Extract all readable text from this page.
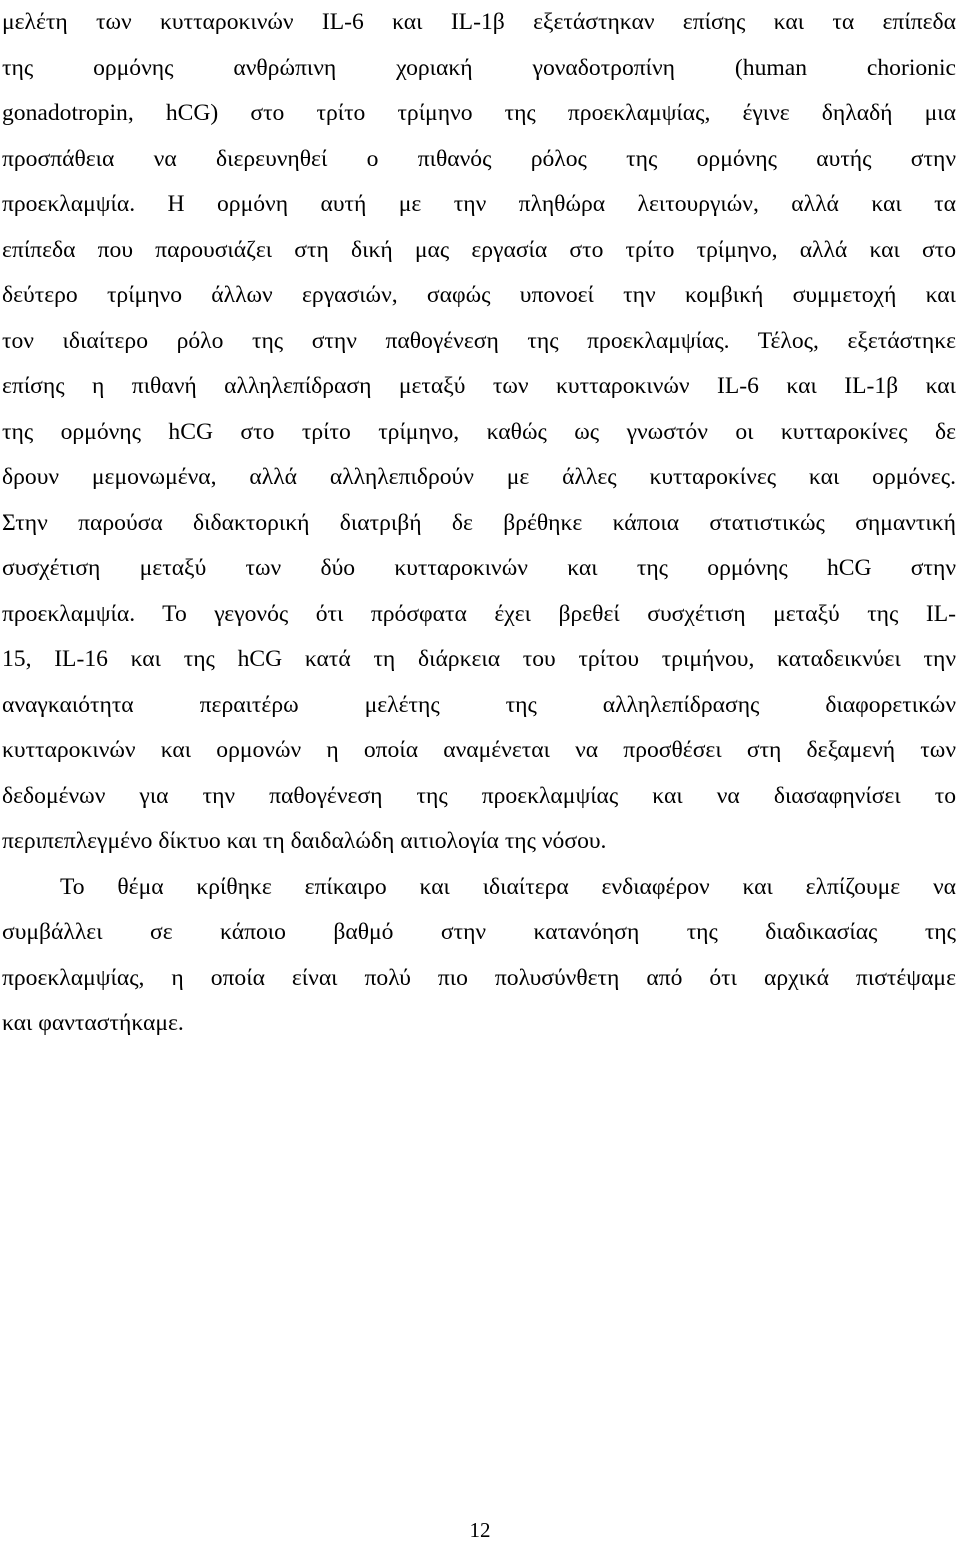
μελέτη των κυτταροκινών IL-6 και IL-1β εξετάστηκαν επίσης και τα επίπεδα
της ορμόνης ανθρώπινη χοριακή γοναδοτροπίνη (human chorionic
gonadotropin, hCG) στο τρίτο τρίμηνο της προεκλαμψίας, έγινε δηλαδή μια
προσπάθεια να διερευνηθεί ο πιθανός ρόλος της ορμόνης αυτής στην
προεκλαμψία. Η ορμόνη αυτή με την πληθώρα λειτουργιών, αλλά και τα
επίπεδα που παρουσιάζει στη δική μας εργασία στο τρίτο τρίμηνο, αλλά και στο
δεύτερο τρίμηνο άλλων εργασιών, σαφώς υπονοεί την κομβική συμμετοχή και
τον ιδιαίτερο ρόλο της στην παθογένεση της προεκλαμψίας. Τέλος, εξετάστηκε
επίσης η πιθανή αλληλεπίδραση μεταξύ των κυτταροκινών IL-6 και IL-1β και
της ορμόνης hCG στο τρίτο τρίμηνο, καθώς ως γνωστόν οι κυτταροκίνες δε
δρουν μεμονωμένα, αλλά αλληλεπιδρούν με άλλες κυτταροκίνες και ορμόνες.
Στην παρούσα διδακτορική διατριβή δε βρέθηκε κάποια στατιστικώς σημαντική
συσχέτιση μεταξύ των δύο κυτταροκινών και της ορμόνης hCG στην
προεκλαμψία. Το γεγονός ότι πρόσφατα έχει βρεθεί συσχέτιση μεταξύ της IL-
15, IL-16 και της hCG κατά τη διάρκεια του τρίτου τριμήνου, καταδεικνύει την
αναγκαιότητα περαιτέρω μελέτης της αλληλεπίδρασης διαφορετικών
κυτταροκινών και ορμονών η οποία αναμένεται να προσθέσει στη δεξαμενή των
δεδομένων για την παθογένεση της προεκλαμψίας και να διασαφηνίσει το
περιπεπλεγμένο δίκτυο και τη δαιδαλώδη αιτιολογία της νόσου.
Το θέμα κρίθηκε επίκαιρο και ιδιαίτερα ενδιαφέρον και ελπίζουμε να
συμβάλλει σε κάποιο βαθμό στην κατανόηση της διαδικασίας της
προεκλαμψίας, η οποία είναι πολύ πιο πολυσύνθετη από ότι αρχικά πιστέψαμε
και φανταστήκαμε.
12
